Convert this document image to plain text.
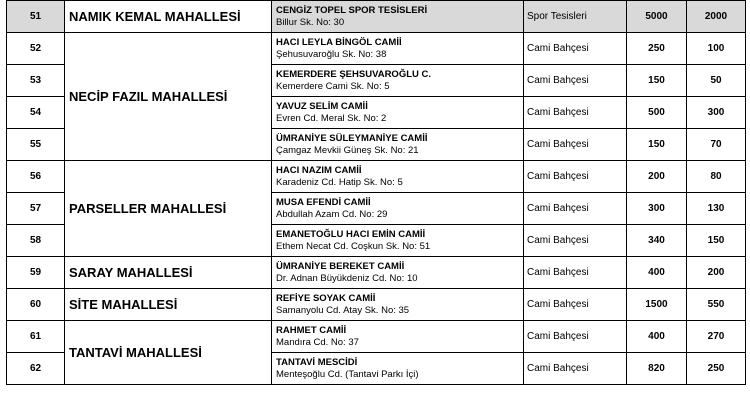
51	NAMIK KEMAL MAHALLESİ	CENGİZ TOPEL SPOR TESİSLERİ
Billur Sk. No: 30	Spor Tesisleri	5000	2000
52	NECİP FAZIL MAHALLESİ	HACI LEYLA BİNGÖL CAMİİ
Şehusuvaroğlu Sk. No: 38	Cami Bahçesi	250	100
53		KEMERDERE ŞEHSUVAROĞLU C.
Kemerdere Cami Sk. No: 5	Cami Bahçesi	150	50
54		YAVUZ SELİM CAMİİ
Evren Cd. Meral Sk. No: 2	Cami Bahçesi	500	300
55		ÜMRANİYE SÜLEYMANİYE CAMİİ
Çamgaz Mevkii Güneş Sk. No: 21	Cami Bahçesi	150	70
56	PARSELLER MAHALLESİ	HACI NAZIM CAMİİ
Karadeniz Cd. Hatip Sk. No: 5	Cami Bahçesi	200	80
57		MUSA EFENDİ CAMİİ
Abdullah Azam Cd. No: 29	Cami Bahçesi	300	130
58		EMANETOĞLU HACI EMİN CAMİİ
Ethem Necat Cd. Coşkun Sk. No: 51	Cami Bahçesi	340	150
59	SARAY MAHALLESİ	ÜMRANİYE BEREKET CAMİİ
Dr. Adnan Büyükdeniz Cd. No: 10	Cami Bahçesi	400	200
60	SİTE MAHALLESİ	REFİYE SOYAK CAMİİ
Samanyolu Cd. Atay Sk. No: 35	Cami Bahçesi	1500	550
61	TANTAVİ MAHALLESİ	RAHMET CAMİİ
Mandıra Cd. No: 37	Cami Bahçesi	400	270
62		TANTAVİ MESCİDİ
Menteşoğlu Cd. (Tantavi Parkı İçi)	Cami Bahçesi	820	250
